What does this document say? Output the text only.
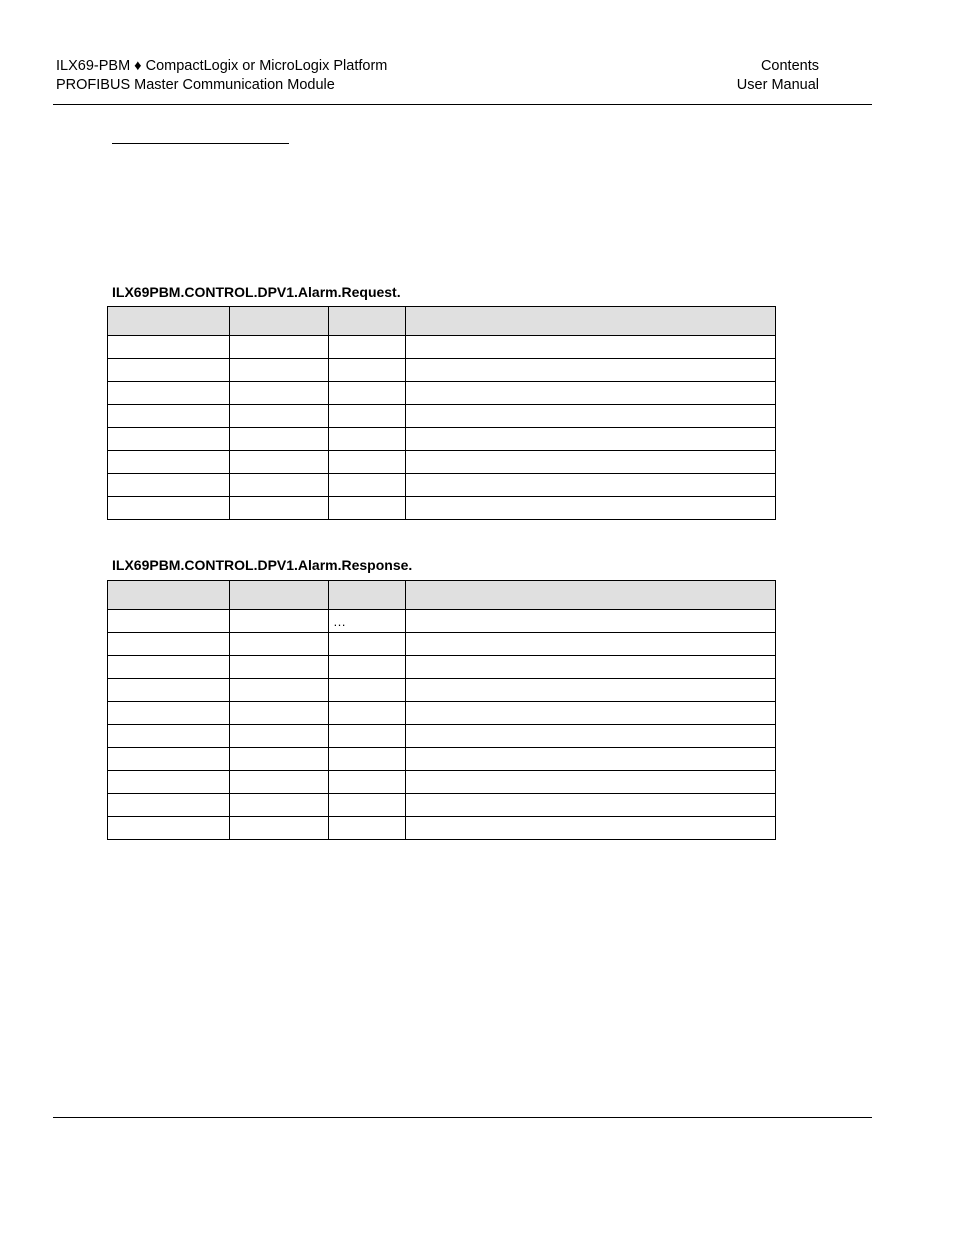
ILX69-PBM ♦ CompactLogix or MicroLogix Platform
PROFIBUS Master Communication Module
Contents
User Manual
ILX69PBM.CONTROL.DPV1.Alarm.Request.

ILX69PBM.CONTROL.DPV1.Alarm.Response.

		…	
